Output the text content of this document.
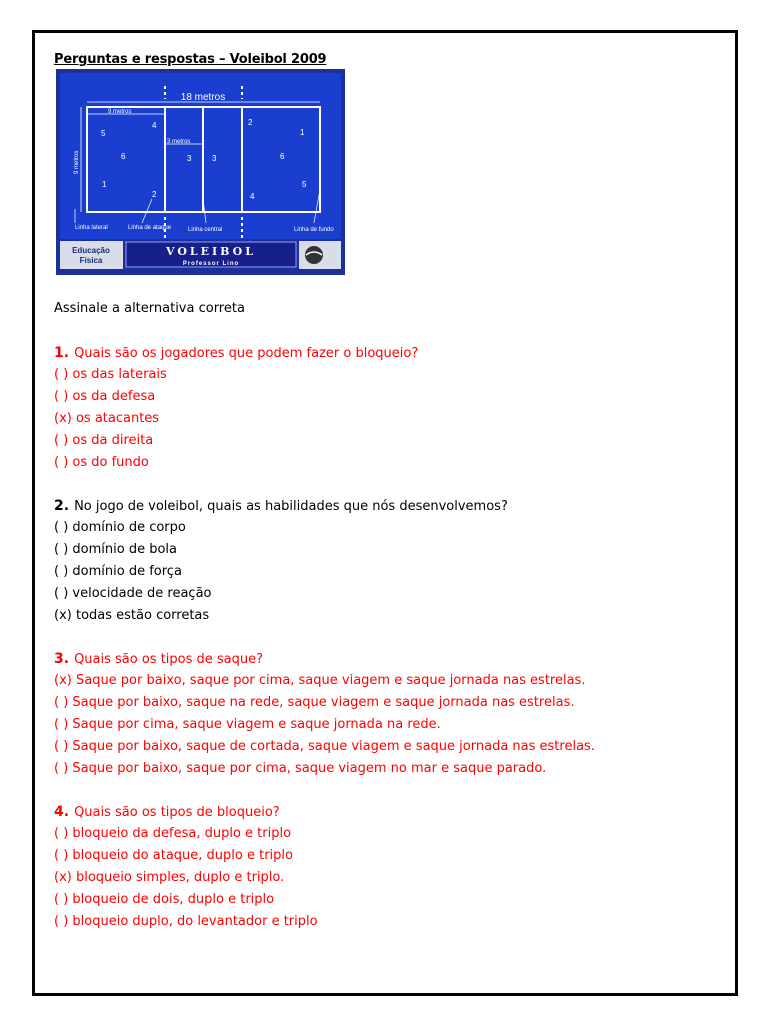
Perguntas e respostas – Voleibol 2009
18 metros
9 metros
3 metros
9 metros
5
4
6
1
2
3	3
2
1
6
4
5
Linha lateral	Linha de ataque	Linha central	Linha de fundo
Educação
Física
VOLEIBOL
Professor Lino
Assinale a alternativa correta
1. Quais são os jogadores que podem fazer o bloqueio?
( ) os das laterais
( ) os da defesa
(x) os atacantes
( ) os da direita
( ) os do fundo
2. No jogo de voleibol, quais as habilidades que nós desenvolvemos?
( ) domínio de corpo
( ) domínio de bola
( ) domínio de força
( ) velocidade de reação
(x) todas estão corretas
3. Quais são os tipos de saque?
(x) Saque por baixo, saque por cima, saque viagem e saque jornada nas estrelas.
( ) Saque por baixo, saque na rede, saque viagem e saque jornada nas estrelas.
( ) Saque por cima, saque viagem e saque jornada na rede.
( ) Saque por baixo, saque de cortada, saque viagem e saque jornada nas estrelas.
( ) Saque por baixo, saque por cima, saque viagem no mar e saque parado.
4. Quais são os tipos de bloqueio?
( ) bloqueio da defesa, duplo e triplo
( ) bloqueio do ataque, duplo e triplo
(x) bloqueio simples, duplo e triplo.
( ) bloqueio de dois, duplo e triplo
( ) bloqueio duplo, do levantador e triplo
